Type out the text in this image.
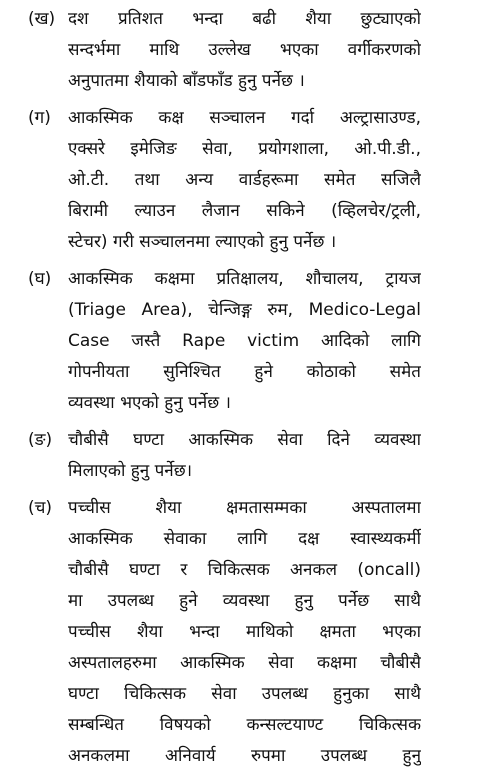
(ख) दश प्रतिशत भन्दा बढी शैया छुट्याएको
सन्दर्भमा माथि उल्लेख भएका वर्गीकरणको
अनुपातमा शैयाको बाँडफाँड हुनु पर्नेछ ।
(ग) आकस्मिक कक्ष सञ्चालन गर्दा अल्ट्रासाउण्ड,
एक्सरे इमेजिङ सेवा, प्रयोगशाला, ओ.पी.डी.,
ओ.टी. तथा अन्य वार्डहरूमा समेत सजिलै
बिरामी ल्याउन लैजान सकिने (व्हिलचेर/ट्रली,
स्टेचर) गरी सञ्चालनमा ल्याएको हुनु पर्नेछ ।
(घ) आकस्मिक कक्षमा प्रतिक्षालय, शौचालय, ट्रायज
(Triage Area), चेन्जिङ्ग रुम, Medico-Legal
Case जस्तै Rape victim आदिको लागि
गोपनीयता सुनिश्चित हुने कोठाको समेत
व्यवस्था भएको हुनु पर्नेछ ।
(ङ) चौबीसै घण्टा आकस्मिक सेवा दिने व्यवस्था
मिलाएको हुनु पर्नेछ।
(च) पच्चीस शैया क्षमतासम्मका अस्पतालमा
आकस्मिक सेवाका लागि दक्ष स्वास्थ्यकर्मी
चौबीसै घण्टा र चिकित्सक अनकल (oncall)
मा उपलब्ध हुने व्यवस्था हुनु पर्नेछ साथै
पच्चीस शैया भन्दा माथिको क्षमता भएका
अस्पतालहरुमा आकस्मिक सेवा कक्षमा चौबीसै
घण्टा चिकित्सक सेवा उपलब्ध हुनुका साथै
सम्बन्धित विषयको कन्सल्टयाण्ट चिकित्सक
अनकलमा अनिवार्य रुपमा उपलब्ध हुनु
